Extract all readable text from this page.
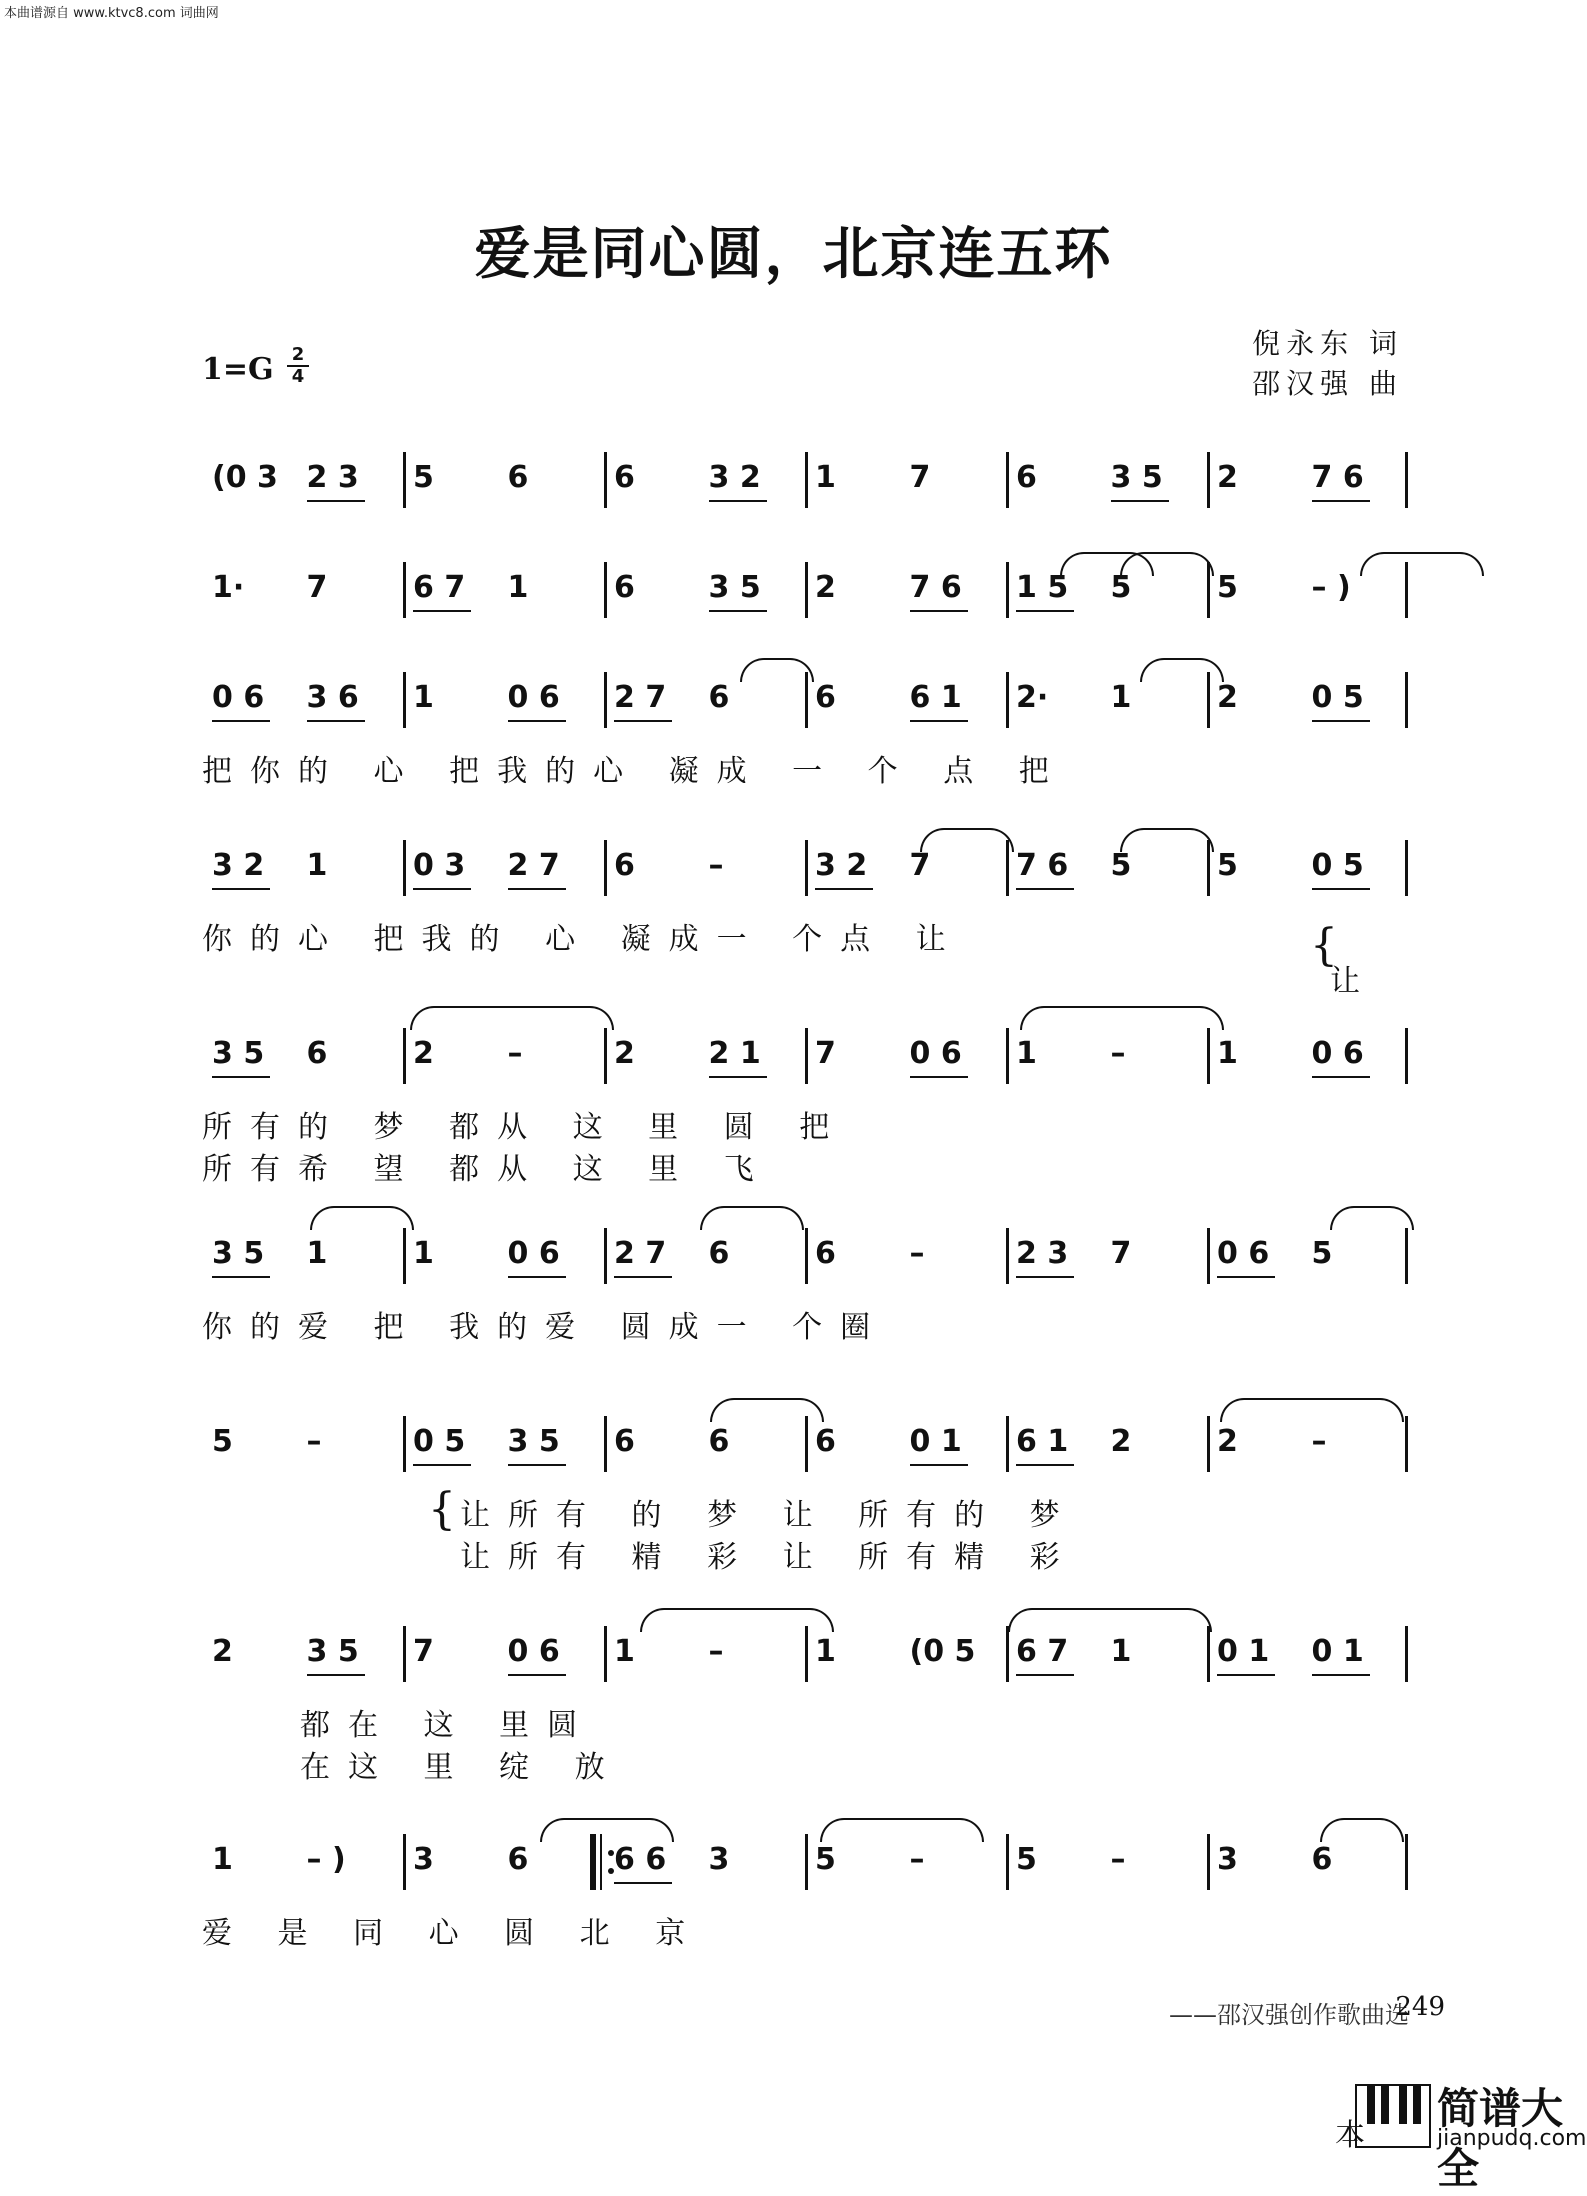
本曲谱源自 www.ktvc8.com 词曲网
爱是同心圆，北京连五环
1=G	2
4
倪永东 词
邵汉强 曲
(0 3 2 3 5 6	6 3 2 1 7	6 3 5 2 7 6
1· 7	6 7 1	6 3 5 2 7 6 1 5 5	5 – )
0 6 3 6 1 0 6 2 7 6	6 6 1 2· 1	2 0 5
3 2 1	0 3 2 7 6 –	3 2 7	7 6 5	5 0 5
3 5 6	2 –	2 2 1 7 0 6 1 –	1 0 6
3 5 1	1 0 6 2 7 6	6 –	2 3 7	0 6 5
5 –	0 5 3 5 6 6	6 0 1 6 1 2	2 –
2 3 5 7 0 6 1 –	1 (0 5 6 7 1	0 1 0 1
1 – ) 3 6	6 6 3	5 –	5 –	3 6
——邵汉强创作歌曲选
249
本
简谱大全
jianpudq.com
把你的 心 把我的心 凝成 一 个 点 把
你的心 把我的 心 凝成一 个点 让
让
所有的 梦 都从 这 里 圆 把
所有希 望 都从 这 里 飞
你的爱 把 我的爱 圆成一 个圈
让所有 的 梦 让 所有的 梦
让所有 精 彩 让 所有精 彩
都在 这 里圆
在这 里 绽 放
爱 是 同 心 圆 北 京
{
{
